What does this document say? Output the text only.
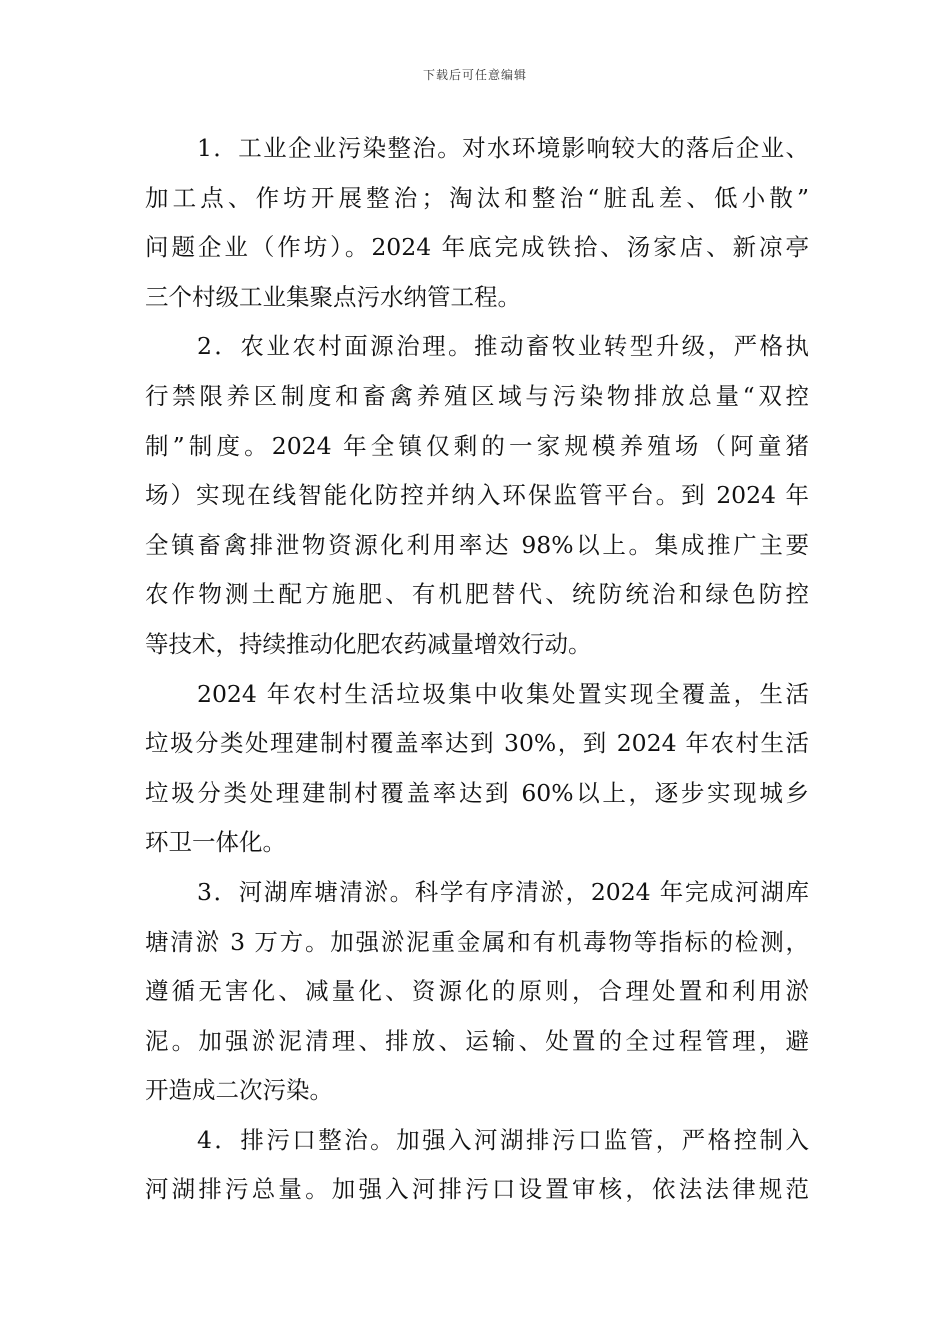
下载后可任意编辑
1．工业企业污染整治。对水环境影响较大的落后企业、
加工点、作坊开展整治；淘汰和整治“脏乱差、低小散”
问题企业（作坊）。2024 年底完成铁拾、汤家店、新凉亭
三个村级工业集聚点污水纳管工程。
2．农业农村面源治理。推动畜牧业转型升级，严格执
行禁限养区制度和畜禽养殖区域与污染物排放总量“双控
制”制度。2024 年全镇仅剩的一家规模养殖场（阿童猪
场）实现在线智能化防控并纳入环保监管平台。到 2024 年
全镇畜禽排泄物资源化利用率达 98%以上。集成推广主要
农作物测土配方施肥、有机肥替代、统防统治和绿色防控
等技术，持续推动化肥农药减量增效行动。
2024 年农村生活垃圾集中收集处置实现全覆盖，生活
垃圾分类处理建制村覆盖率达到 30%，到 2024 年农村生活
垃圾分类处理建制村覆盖率达到 60%以上，逐步实现城乡
环卫一体化。
3．河湖库塘清淤。科学有序清淤，2024 年完成河湖库
塘清淤 3 万方。加强淤泥重金属和有机毒物等指标的检测，
遵循无害化、减量化、资源化的原则，合理处置和利用淤
泥。加强淤泥清理、排放、运输、处置的全过程管理，避
开造成二次污染。
4．排污口整治。加强入河湖排污口监管，严格控制入
河湖排污总量。加强入河排污口设置审核，依法法律规范
